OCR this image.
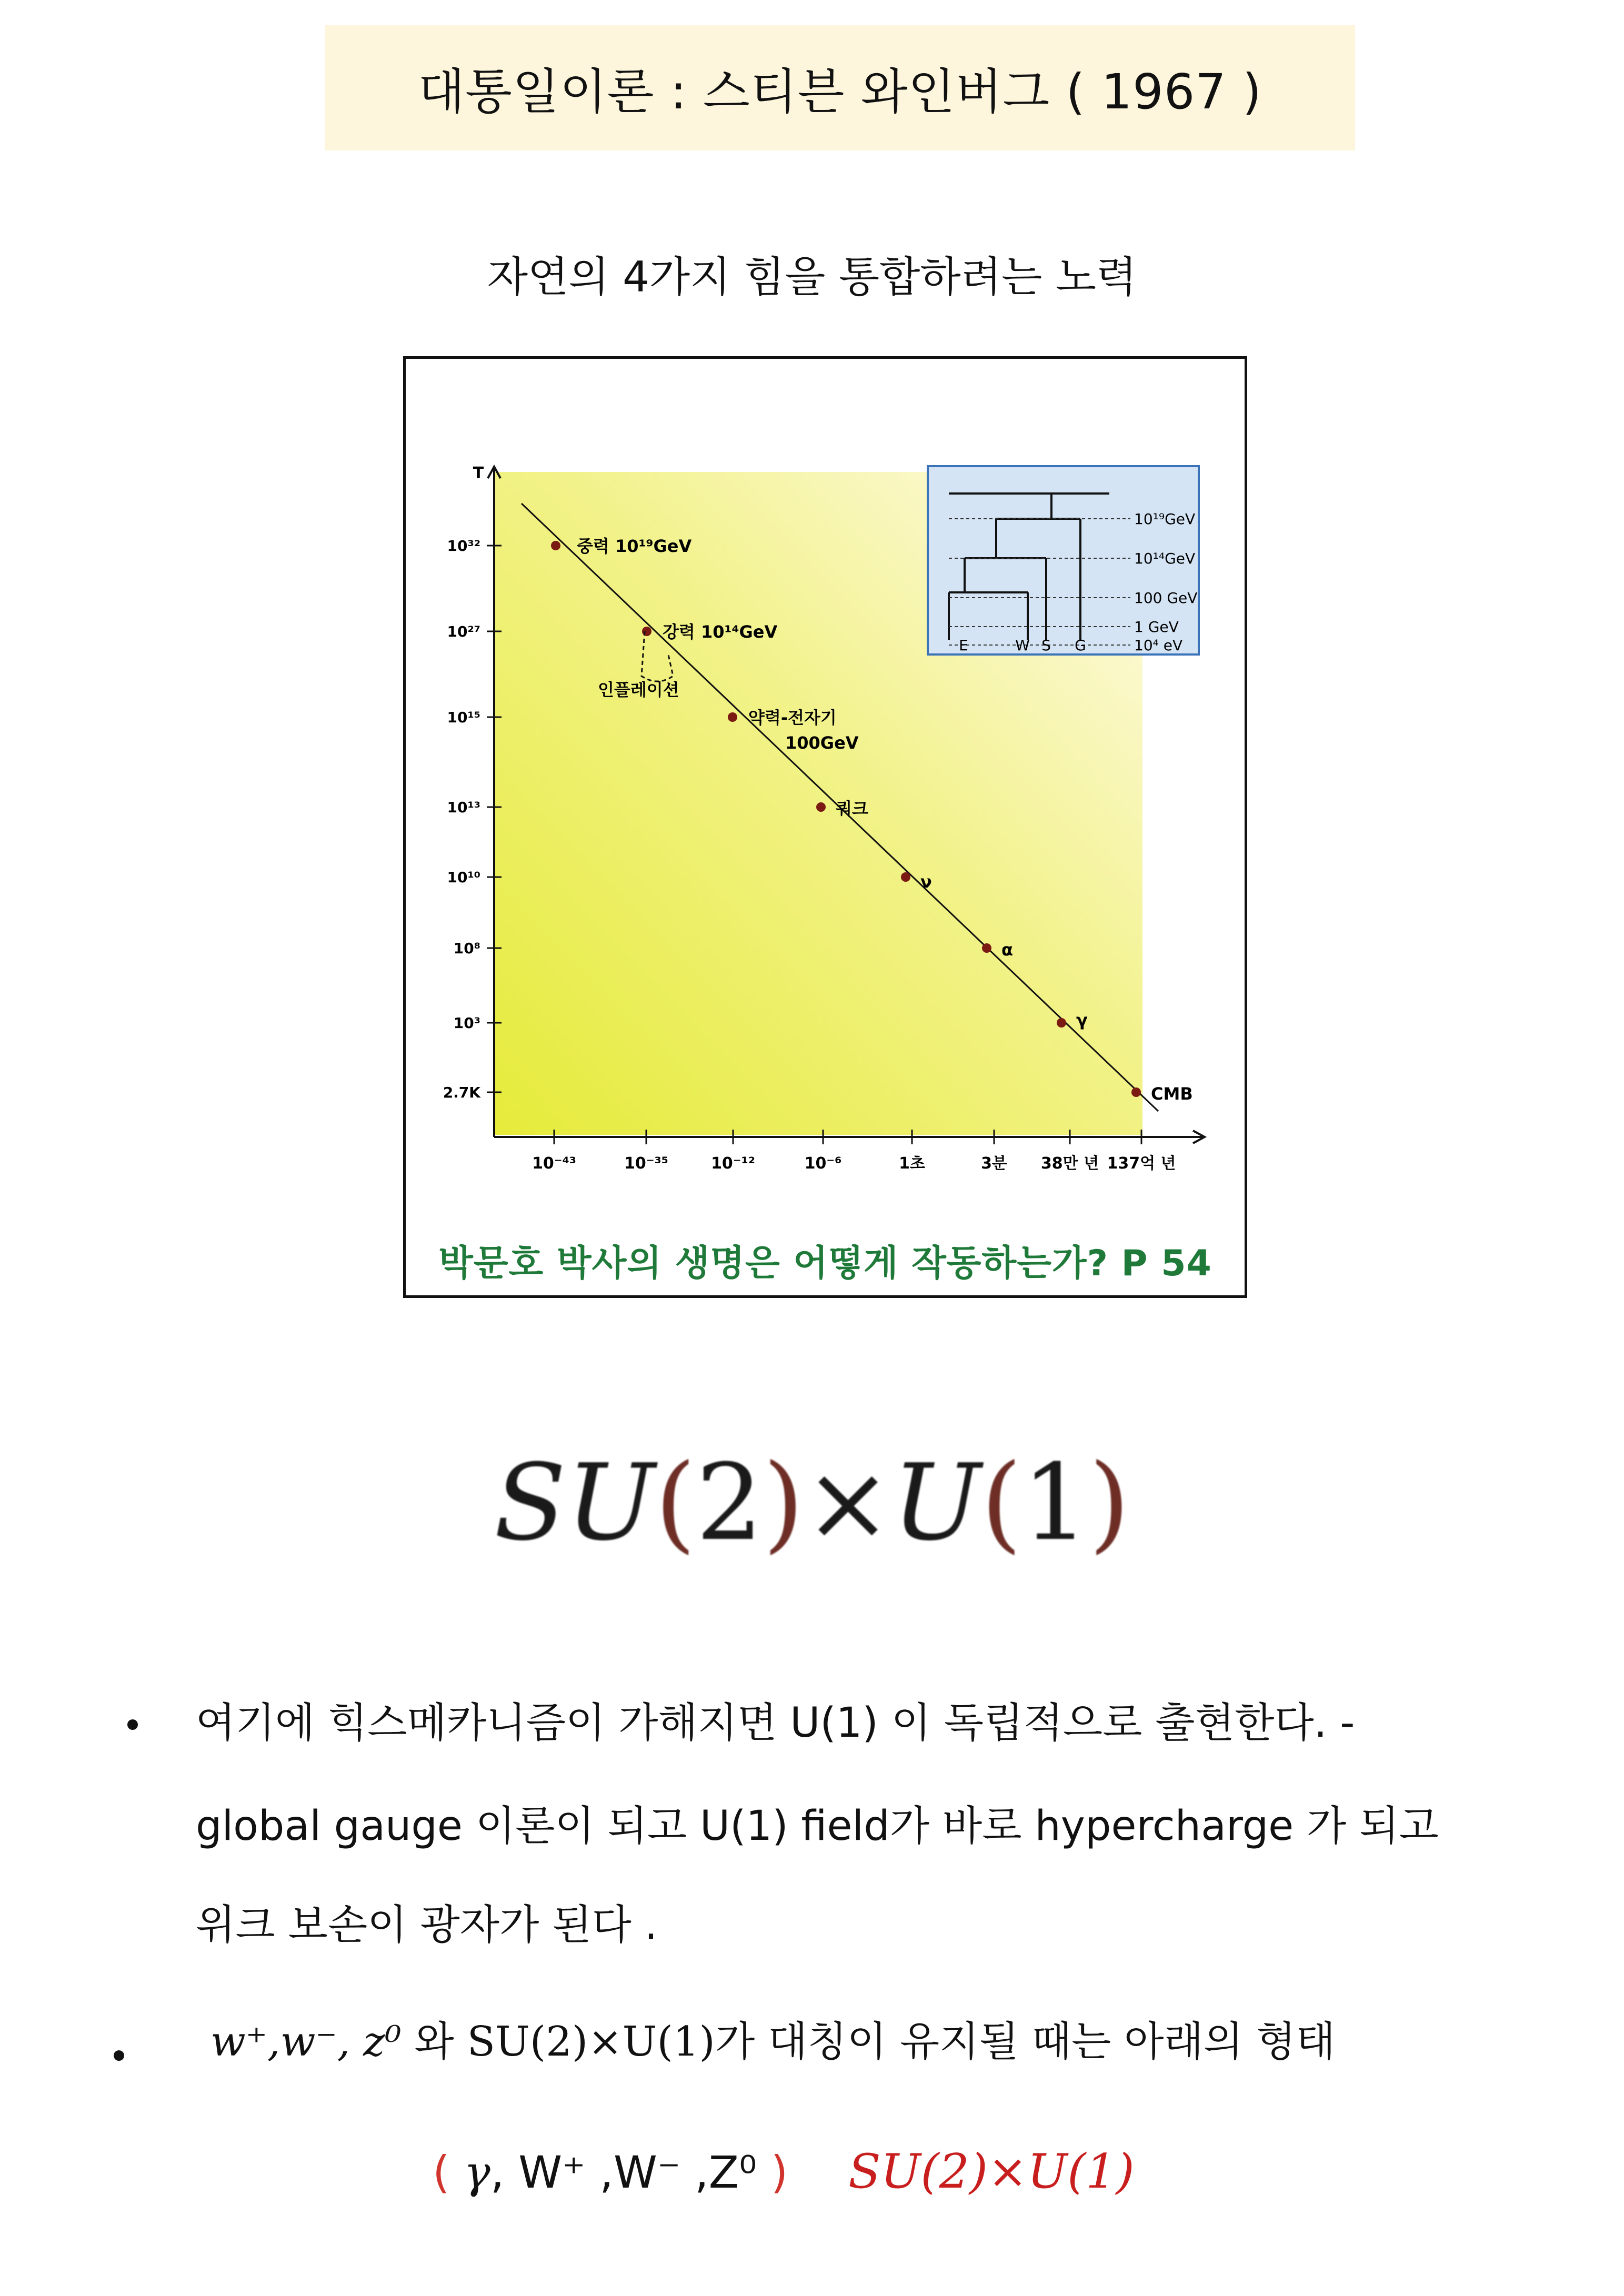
대통일이론 : 스티븐 와인버그 ( 1967 )
자연의 4가지 힘을 통합하려는 노력
T
10³²
10²⁷
10¹⁵
10¹³
10¹⁰
10⁸
10³
2.7K
10⁻⁴³	10⁻³⁵	10⁻¹²	10⁻⁶	1초	3분 38만 년 137억 년
중력 10¹⁹GeV
강력 10¹⁴GeV
약력-전자기
쿼크
ν
α
γ
CMB
100GeV
인플레이션
10¹⁹GeV
10¹⁴GeV
100 GeV
1 GeV
10⁴ eV
E	W S G
박문호 박사의 생명은 어떻게 작동하는가? P 54
SU(2)×U(1)
여기에 힉스메카니즘이 가해지면 U(1) 이 독립적으로 출현한다. -
global gauge 이론이 되고 U(1) field가 바로 hypercharge 가 되고
위크 보손이 광자가 된다 .
w⁺,w⁻, z⁰ 와 SU(2)×U(1)가 대칭이 유지될 때는 아래의 형태
( γ, W⁺ ,W⁻ ,Z⁰ ) SU(2)×U(1)
